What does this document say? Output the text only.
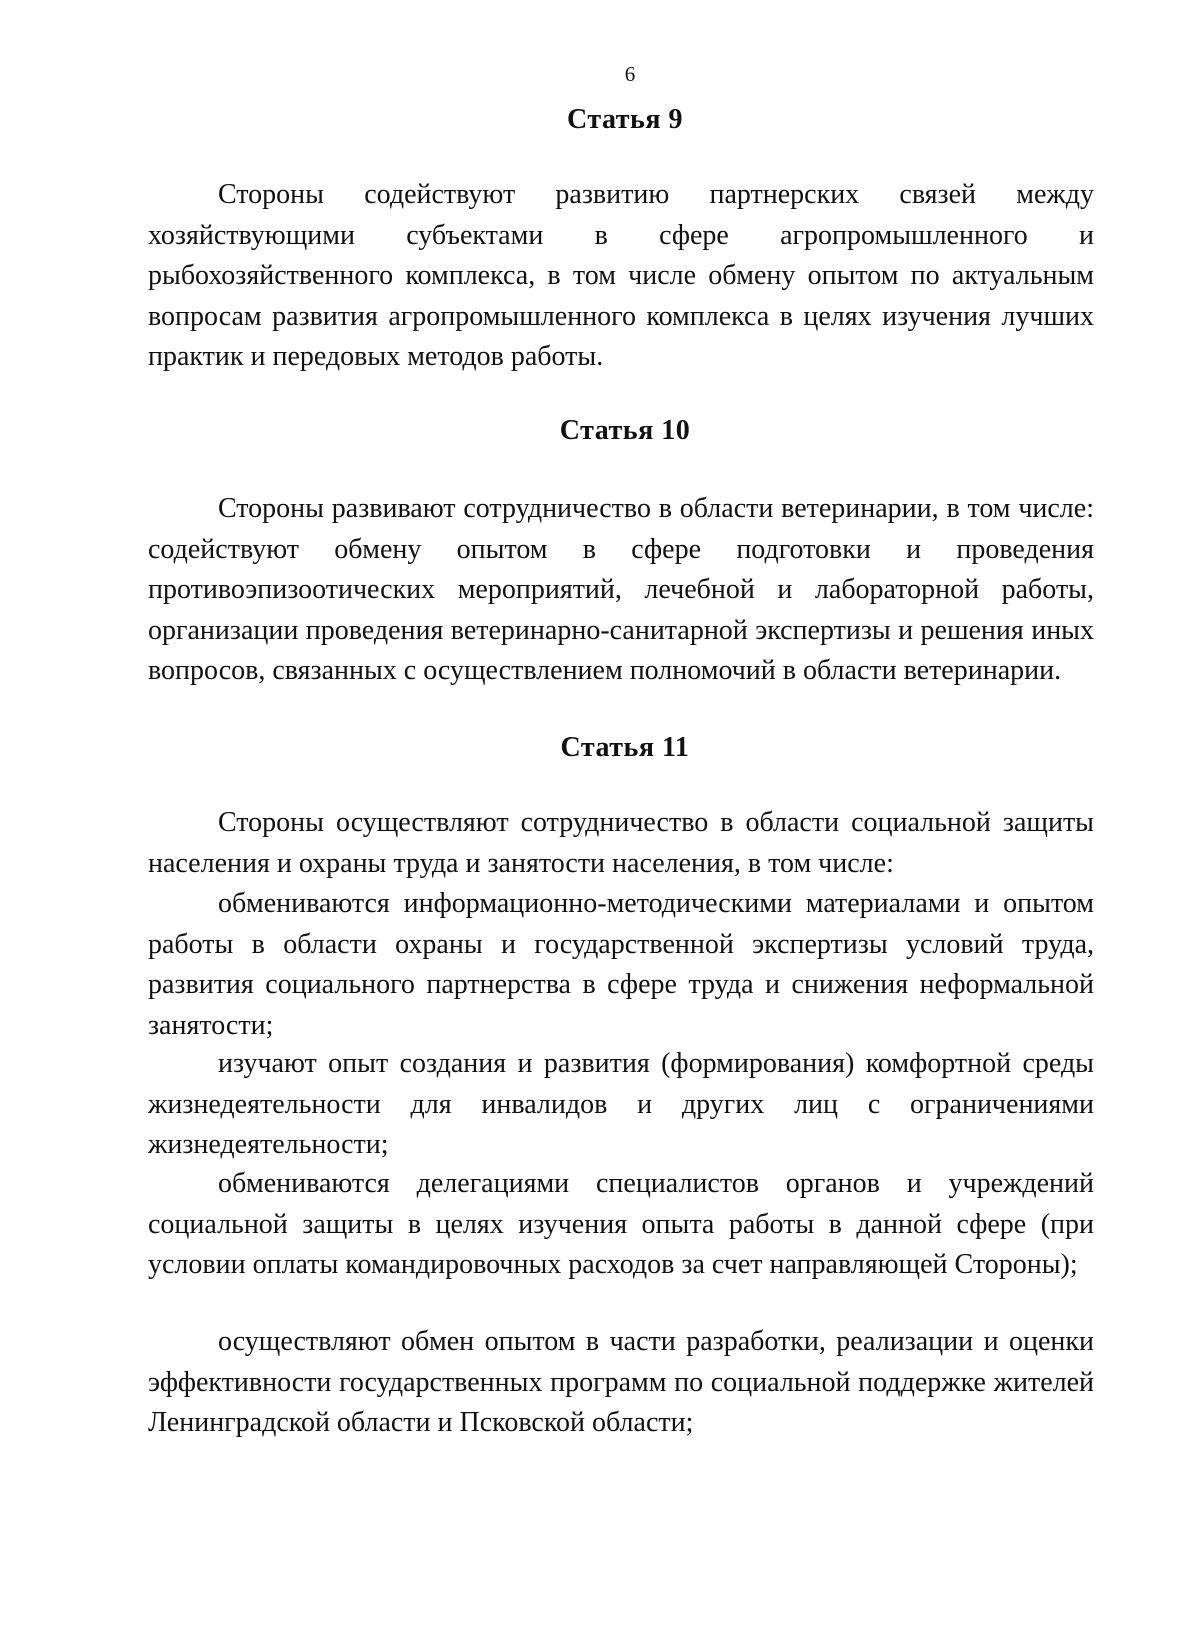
6
Статья 9

Стороны содействуют развитию партнерских связей между хозяйствующими субъектами в сфере агропромышленного и рыбохозяйственного комплекса, в том числе обмену опытом по актуальным вопросам развития агропромышленного комплекса в целях изучения лучших практик и передовых методов работы.

Статья 10

Стороны развивают сотрудничество в области ветеринарии, в том числе: содействуют обмену опытом в сфере подготовки и проведения противоэпизоотических мероприятий, лечебной и лабораторной работы, организации проведения ветеринарно-санитарной экспертизы и решения иных вопросов, связанных с осуществлением полномочий в области ветеринарии.

Статья 11

Стороны осуществляют сотрудничество в области социальной защиты населения и охраны труда и занятости населения, в том числе:

обмениваются информационно-методическими материалами и опытом работы в области охраны и государственной экспертизы условий труда, развития социального партнерства в сфере труда и снижения неформальной занятости;

изучают опыт создания и развития (формирования) комфортной среды жизнедеятельности для инвалидов и других лиц с ограничениями жизнедеятельности;

обмениваются делегациями специалистов органов и учреждений социальной защиты в целях изучения опыта работы в данной сфере (при условии оплаты командировочных расходов за счет направляющей Стороны);

осуществляют обмен опытом в части разработки, реализации и оценки эффективности государственных программ по социальной поддержке жителей Ленинградской области и Псковской области;
